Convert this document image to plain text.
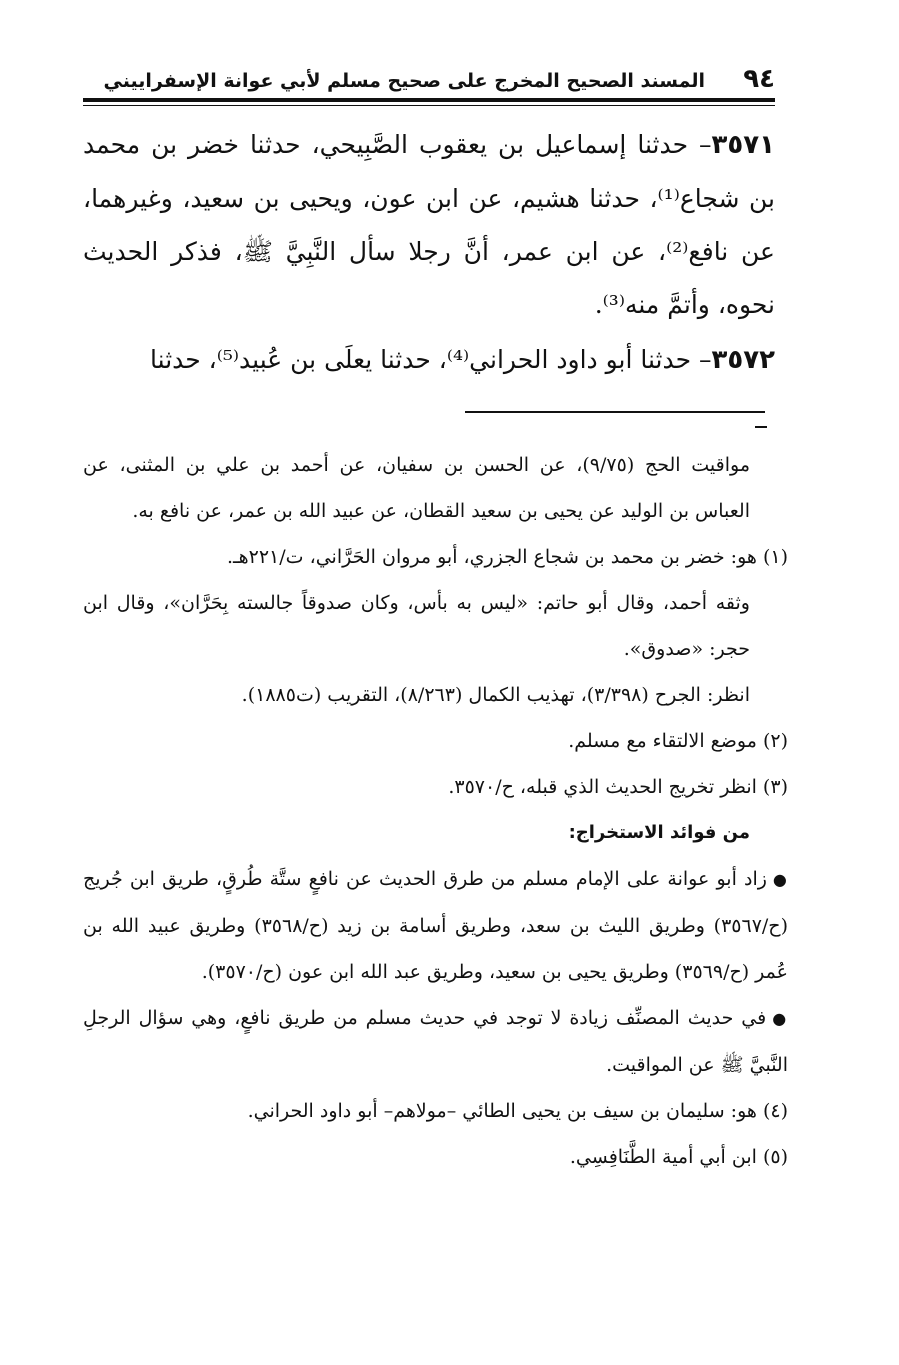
٩٤
المسند الصحيح المخرج على صحيح مسلم لأبي عوانة الإسفراييني

٣٥٧١– حدثنا إسماعيل بن يعقوب الصَّبِيحي، حدثنا خضر بن محمد بن شجاع⁽¹⁾، حدثنا هشيم، عن ابن عون، ويحيى بن سعيد، وغيرهما، عن نافع⁽²⁾، عن ابن عمر، أنَّ رجلا سأل النَّبِيَّ ﷺ، فذكر الحديث نحوه، وأتمَّ منه⁽³⁾.

٣٥٧٢– حدثنا أبو داود الحراني⁽⁴⁾، حدثنا يعلَى بن عُبيد⁽⁵⁾، حدثنا

مواقيت الحج (٩/٧٥)، عن الحسن بن سفيان، عن أحمد بن علي بن المثنى، عن العباس بن الوليد عن يحيى بن سعيد القطان، عن عبيد الله بن عمر، عن نافع به.

(١) هو: خضر بن محمد بن شجاع الجزري، أبو مروان الحَرَّاني، ت/٢٢١هـ.

وثقه أحمد، وقال أبو حاتم: «ليس به بأس، وكان صدوقاً جالسته بِحَرَّان»، وقال ابن حجر: «صدوق».

انظر: الجرح (٣/٣٩٨)، تهذيب الكمال (٨/٢٦٣)، التقريب (ت١٨٨٥).

(٢) موضع الالتقاء مع مسلم.

(٣) انظر تخريج الحديث الذي قبله، ح/٣٥٧٠.

من فوائد الاستخراج:

●زاد أبو عوانة على الإمام مسلم من طرق الحديث عن نافعٍ ستَّة طُرقٍ، طريق ابن جُريج (ح/٣٥٦٧) وطريق الليث بن سعد، وطريق أسامة بن زيد (ح/٣٥٦٨) وطريق عبيد الله بن عُمر (ح/٣٥٦٩) وطريق يحيى بن سعيد، وطريق عبد الله ابن عون (ح/٣٥٧٠).

●في حديث المصنِّف زيادة لا توجد في حديث مسلم من طريق نافعٍ، وهي سؤال الرجلِ النَّبيَّ ﷺ عن المواقيت.

(٤) هو: سليمان بن سيف بن يحيى الطائي –مولاهم– أبو داود الحراني.

(٥) ابن أبي أمية الطَّنَافِسِي.
